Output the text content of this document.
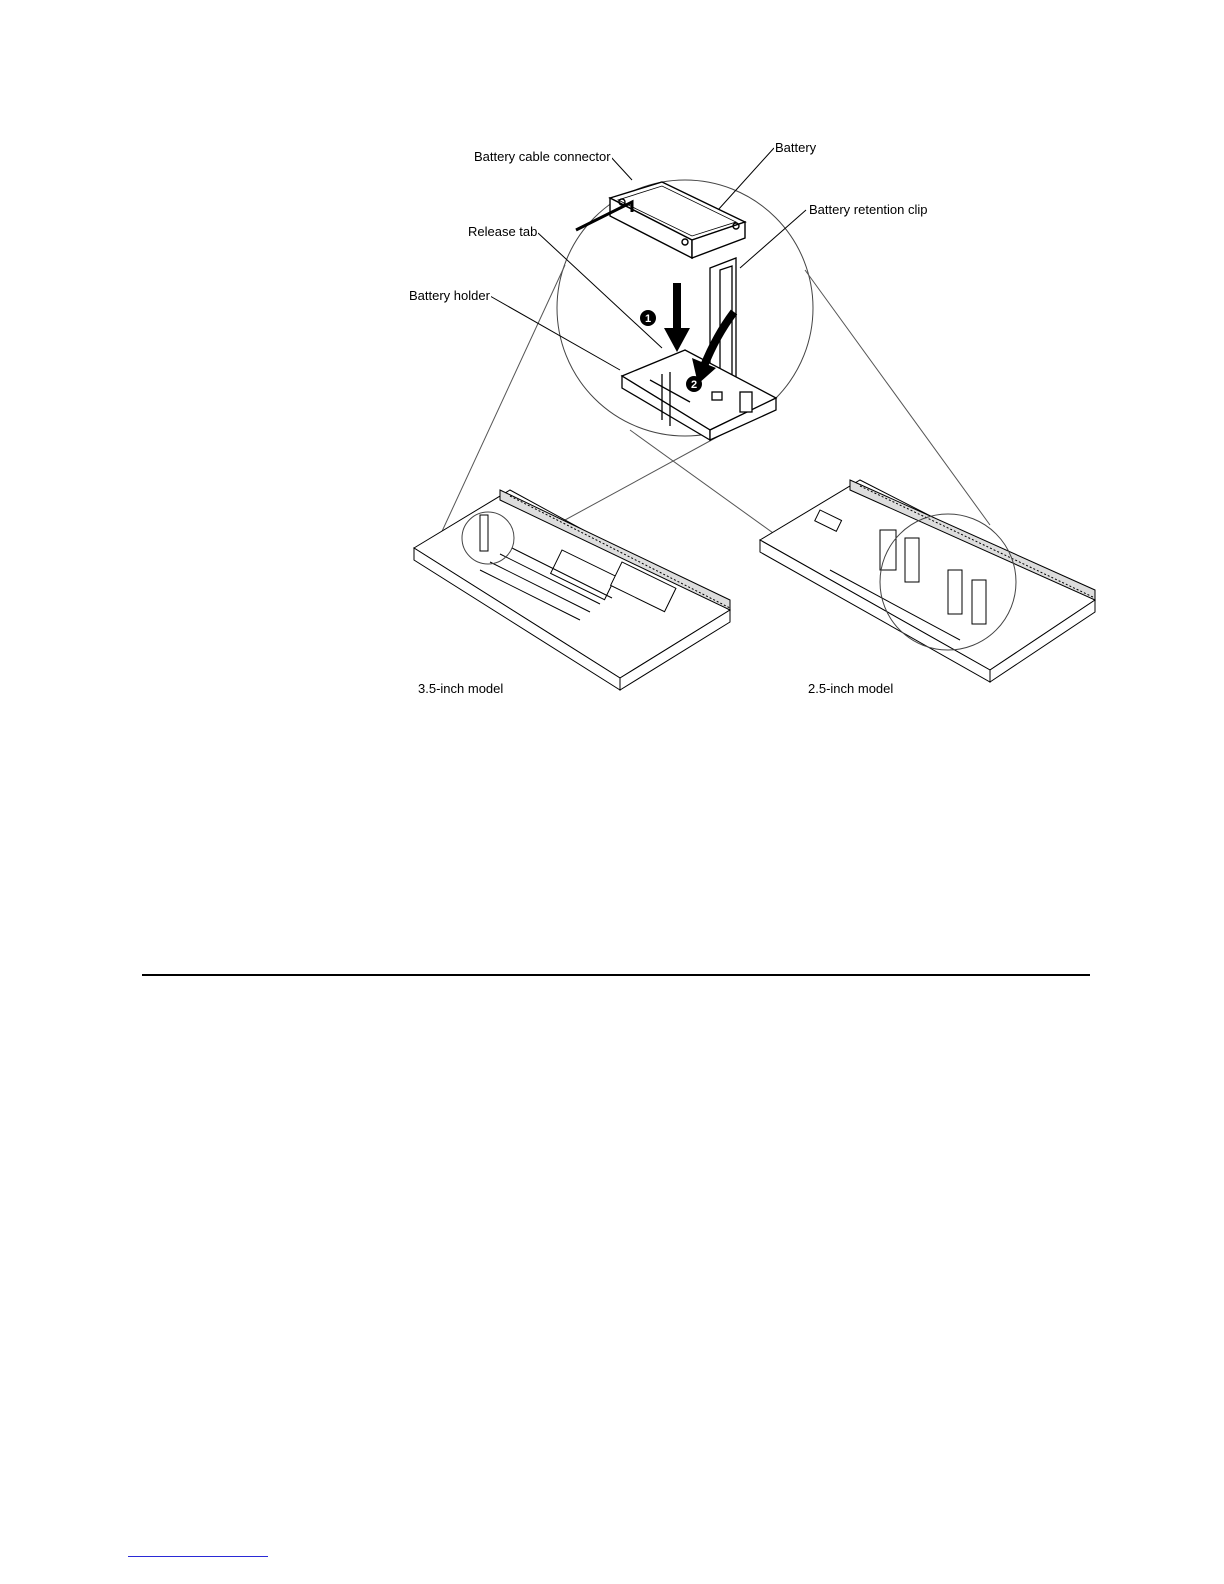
1
2
Battery cable connector
Battery
Battery retention clip
Release tab
Battery holder
3.5-inch model	2.5-inch model
